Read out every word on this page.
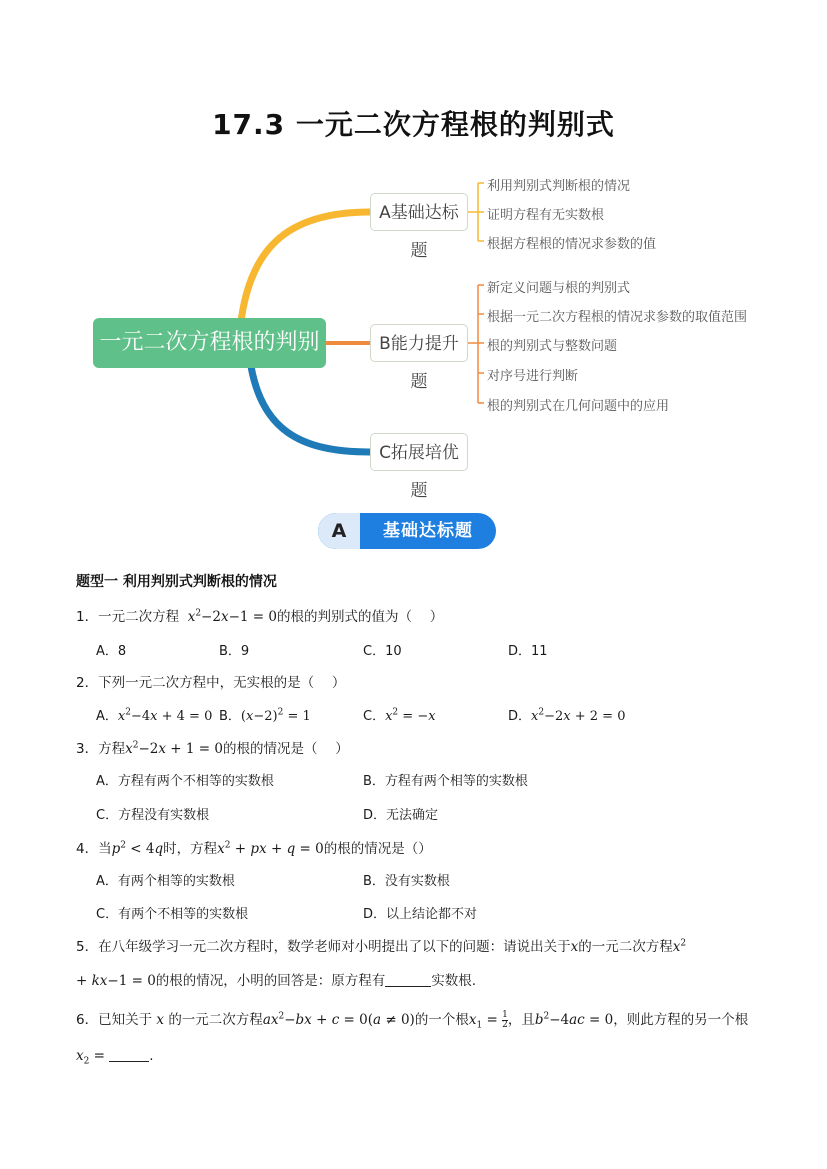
17.3 一元二次方程根的判别式
一元二次方程根的判别式
A基础达标题
B能力提升题
C拓展培优题
利用判别式判断根的情况
证明方程有无实数根
根据方程根的情况求参数的值
新定义问题与根的判别式
根据一元二次方程根的情况求参数的取值范围
根的判别式与整数问题
对序号进行判断
根的判别式在几何问题中的应用
A	基础达标题
题型一 利用判别式判断根的情况
1．一元二次方程 $x^2-2x-1 = 0$的根的判别式的值为（　 ）
A．8	B．9	C．10	D．11
2．下列一元二次方程中，无实根的是（　 ）
A．$x^2-4x + 4 = 0$ B．$(x-2)^2 = 1$	C．$x^2 = -x$	D．$x^2-2x + 2 = 0$
3．方程$x^2-2x + 1 = 0$的根的情况是（　 ）
A．方程有两个不相等的实数根	B．方程有两个相等的实数根
C．方程没有实数根	D．无法确定
4．当$p^2 < 4q$时，方程$x^2$ + px + q = 0的根的情况是（）
A．有两个相等的实数根	B．没有实数根
C．有两个不相等的实数根	D．以上结论都不对
5．在八年级学习一元二次方程时，数学老师对小明提出了以下的问题：请说出关于x的一元二次方程$x^2$
+ kx−1 = 0的根的情况，小明的回答是：原方程有	实数根.
6．已知关于 x 的一元二次方程$ax^2-bx + c = 0(a \ne 0)$的一个根$x_1 = \frac{1}{2}$ ，且$b^2-4ac = 0$，则此方程的另一个根
$x_2$ =	.
